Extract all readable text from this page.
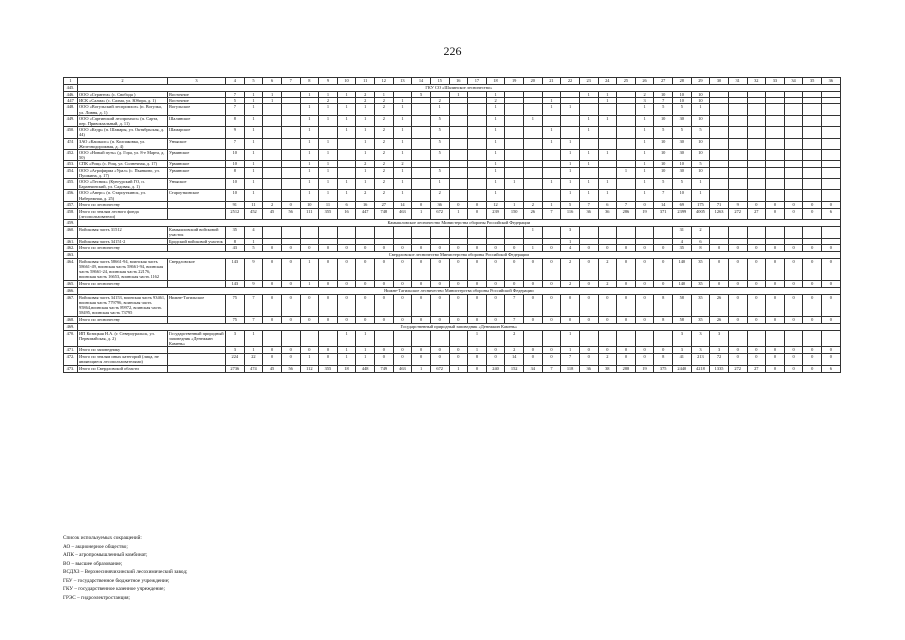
226
1	2	3	4	5	6	7	8	9	10	11	12	13	14	15	16	17	18	19	20	21	22	23	24	25	26	27	28	29	30	31	32	33	34	35	36
445.	ГКУ СО «Шалинское лесничество»																																		
446.	ООО «Стратега» (с. Свобода )	Восточное	7	1	1		1	1	1	2	1		5		1		1					1	1		2	10	10	10							
447	ИСК «Салма» (с. Салма, ул. Юбира, д. 1)	Восточное	5	1	1			2		2	2	1		2			2			1			1		3	7	10	10							
448.	ООО «Вогульский леспромхоз» (п. Вогулка, ул. Ливня, д. 1)	Вогульское	7	1			1	1	1	1	2	1		1			1			1	1				1	5	5	1							
449.	ООО «Сартинский леспромхоз» (п. Сарта, пер. Привокзальный, д. 11)	Шалинское	8	1			1	1	1	1	2	1		5			1		1			1	1		1	10	30	10							
450.	ООО «Кедр» (п. Шамары, ул. Октябрьская, д. 44)	Шамарское	9	1			1		1	1	2	1		5			1			1		1			1	5	5	5							
451	ЗАО «Кашкалс» (п. Колпаковка, ул. Железнодорожная, д. 4)	Унъяское	7	1			1	1		1	2	1		5			1			1	1				1	10	30	10							
452.	ООО «Новый путь» (д. Гора, ул. 8-е Марта, д. 50)	Урминское	10	1			1	1		1	2	1		5			1				1	1	1		1	10	30	10							
453.	СПК «Рощ» (с. Рощ, ул. Солнечная, д. 17)	Урминское	10	1			1	1		2	2	2					1				1	1			1	10	10	5							
454.	ООО «Агрофирма «Урал» (с. Пьянково, ул. Пушкина, д. 17)	Урминское	8	1			1	1		1	2	1		5			1				1			1	1	10	30	10							
455.	ООО «Лесник» (Кунгурский ГО, п. Баранчинский, ул. Садовая, д. 1)	Унъяское	10	1			1	1	1	1	2	1		1			1	1		1	1	1	1		1	5	5	1							
456.	ООО «Аверс» (п. Староуткинск, ул. Набережная, д. 25)	Староуткинское	10	1			1	1	1	2	2	1		2			1				1	1	1		1	7	10	1							
457.	Итого по лесничеству		91	11	2	0	10	11	6	16	27	14	0	36	0	0	12	1	2	1	5	7	6	7	0	14	69	175	71	9	0	0	0	0	0
458.	Итого по землям лесного фонда (лесопользователи)		2512	452	45	56	111	355	16	447	748	463	1	672	1	0	239	150	26	7	116	36	36	286	19	371	2399	4005	1263	272	27	0	0	0	6
459.	Камышловское лесничество Министерства обороны Российской Федерации																																		
460.	Войсковая часть 31512	Камышловский войсковой участок	35	4															1		3						31	2							
461.	Войсковая часть 34151-2	Бродский войсковой участок	8	1																	1						4	6							
462.	Итого по лесничеству		43	5	0	0	0	0	0	0	0	0	0	0	0	0	0	0	1	0	4	0	0	0	0	0	35	8	0	0	0	0	0	0	0
463.	Свердловское лесничество Министерства обороны Российской Федерации																																		
464.	Войсковая часть 58661-94, воинская часть 58661-49, воинская часть 58661-94, воинская часть 58661-24, воинская часть 22176, воинская часть 16653, воинская часть 1162	Свердловское	143	9	0	0	1	0	0	0	0	0	0	0	0	0	0	0	0	0	2	0	2	0	0	0	140	35	0	0	0	0	0	0	0
465.	Итого по лесничеству		143	9	0	0	1	0	0	0	0	0	0	0	0	0	0	0	0	0	2	0	2	0	0	0	140	35	0	0	0	0	0	0	0
466.	Нижне-Тагильское лесничество Министерства обороны Российской Федерации																																		
467.	Войсковая часть 34153, воинская часть 93461, воинская часть 779796, воинская часть 95864,воинская часть 89972, воинская часть 58495, воинская часть 73795	Нижне-Тагильское	75	7	0	0	0	0	0	0	0	0	0	0	0	0	0	7	0	0	0	0	0	0	0	8	58	35	26	0	0	0	0	0	0
468.	Итого по лесничеству		75	7	0	0	0	0	0	0	0	0	0	0	0	0	0	7	0	0	0	0	0	0	0	8	58	35	26	0	0	0	0	0	0
469.	Государственный природный заповедник «Денежкин Камень»																																		
470.	ИП Козицкая Н.А. (г. Североуральск, ул. Первомайская, д. 2)	Государственный природный заповедник «Денежкин Камень»	3	1					1	1						1		2			1						3	3	3						
471.	Итого по заповеднику		3	1	0	0	0	0	1	1	0	0	0	0	0	1	0	2	0	0	1	0	0	0	0	0	3	3	3	0	0	0	0	0	0
472.	Итого по землям иных категорий (лица, не являющиеся лесопользователями)		224	22	0	0	1	0	1	1	0	0	0	0	0	8	0	14	0	0	7	0	2	0	0	8	41	213	72	0	0	0	0	0	0
473.	Итого по Свердловской области		2736	474	45	56	112	355	18	448	749	463	1	672	1	0	240	152	34	7	118	36	38	288	19	375	2440	4218	1335	272	27	0	0	0	6
Список используемых сокращений:
АО – акционерное общество;
АПК – агропромышленный комбинат;
ВО – высшее образование;
ВСДХЗ – Верхнесинячихинский лесохимический завод;
ГБУ – государственное бюджетное учреждение;
ГКУ – государственное казенное учреждение;
ГРЭС – гидроэлектростанция;
